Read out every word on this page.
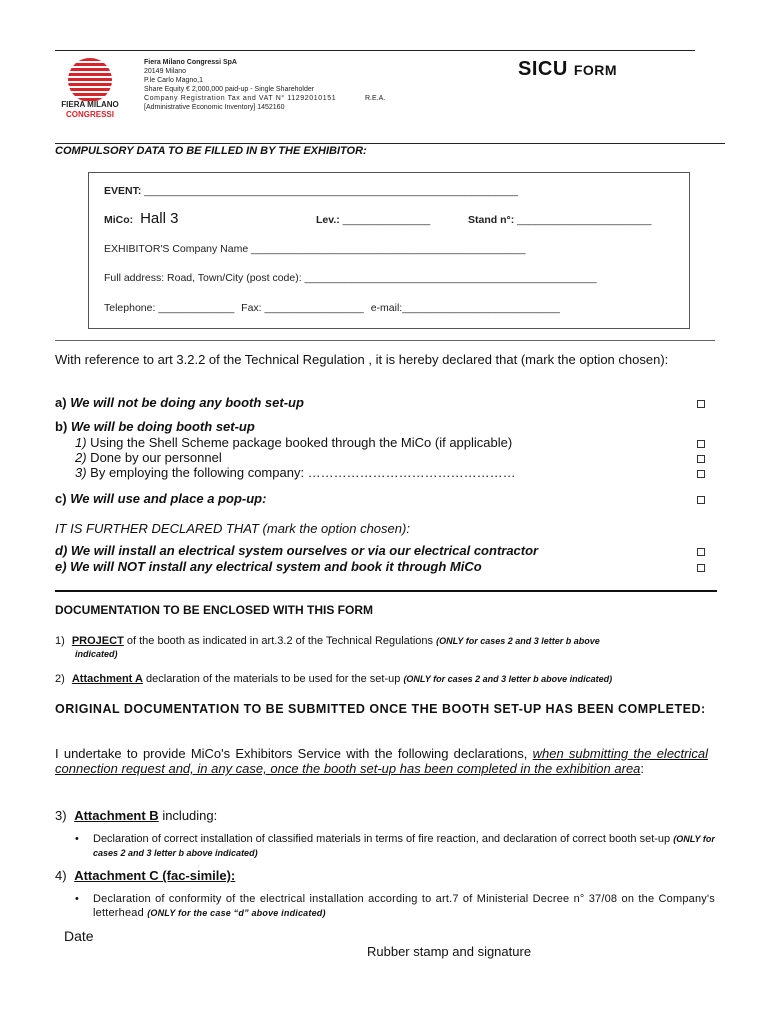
FIERA MILANO
CONGRESSI
Fiera Milano Congressi SpA
20149 Milano
P.le Carlo Magno,1
Share Equity € 2,000,000 paid-up - Single Shareholder
Company Registration Tax and VAT N° 11292010151
[Administrative Economic Inventory] 1452160
R.E.A.
SICU FORM
COMPULSORY DATA TO BE FILLED IN BY THE EXHIBITOR:
EVENT: ________________________________________________________________
MiCo: Hall 3	Lev.: _______________	Stand n°: _______________________
EXHIBITOR'S Company Name _______________________________________________
Full address: Road, Town/City (post code): __________________________________________________
Telephone: _____________ Fax: _________________ e-mail:___________________________
With reference to art 3.2.2 of the Technical Regulation , it is hereby declared that (mark the option chosen):
a) We will not be doing any booth set-up
b) We will be doing booth set-up
1) Using the Shell Scheme package booked through the MiCo (if applicable)
2) Done by our personnel
3) By employing the following company: …………………………………………
c) We will use and place a pop-up:
IT IS FURTHER DECLARED THAT (mark the option chosen):
d) We will install an electrical system ourselves or via our electrical contractor
e) We will NOT install any electrical system and book it through MiCo
DOCUMENTATION TO BE ENCLOSED WITH THIS FORM
1) PROJECT of the booth as indicated in art.3.2 of the Technical Regulations (ONLY for cases 2 and 3 letter b above
indicated)
2) Attachment A declaration of the materials to be used for the set-up (ONLY for cases 2 and 3 letter b above indicated)
ORIGINAL DOCUMENTATION TO BE SUBMITTED ONCE THE BOOTH SET-UP HAS BEEN COMPLETED:
I undertake to provide MiCo's Exhibitors Service with the following declarations, when submitting the electrical connection request and, in any case, once the booth set-up has been completed in the exhibition area:
3) Attachment B including:
• Declaration of correct installation of classified materials in terms of fire reaction, and declaration of correct booth set-up (ONLY for cases 2 and 3 letter b above indicated)
4) Attachment C (fac-simile):
• Declaration of conformity of the electrical installation according to art.7 of Ministerial Decree n° 37/08 on the Company's letterhead (ONLY for the case “d” above indicated)
Date
Rubber stamp and signature
